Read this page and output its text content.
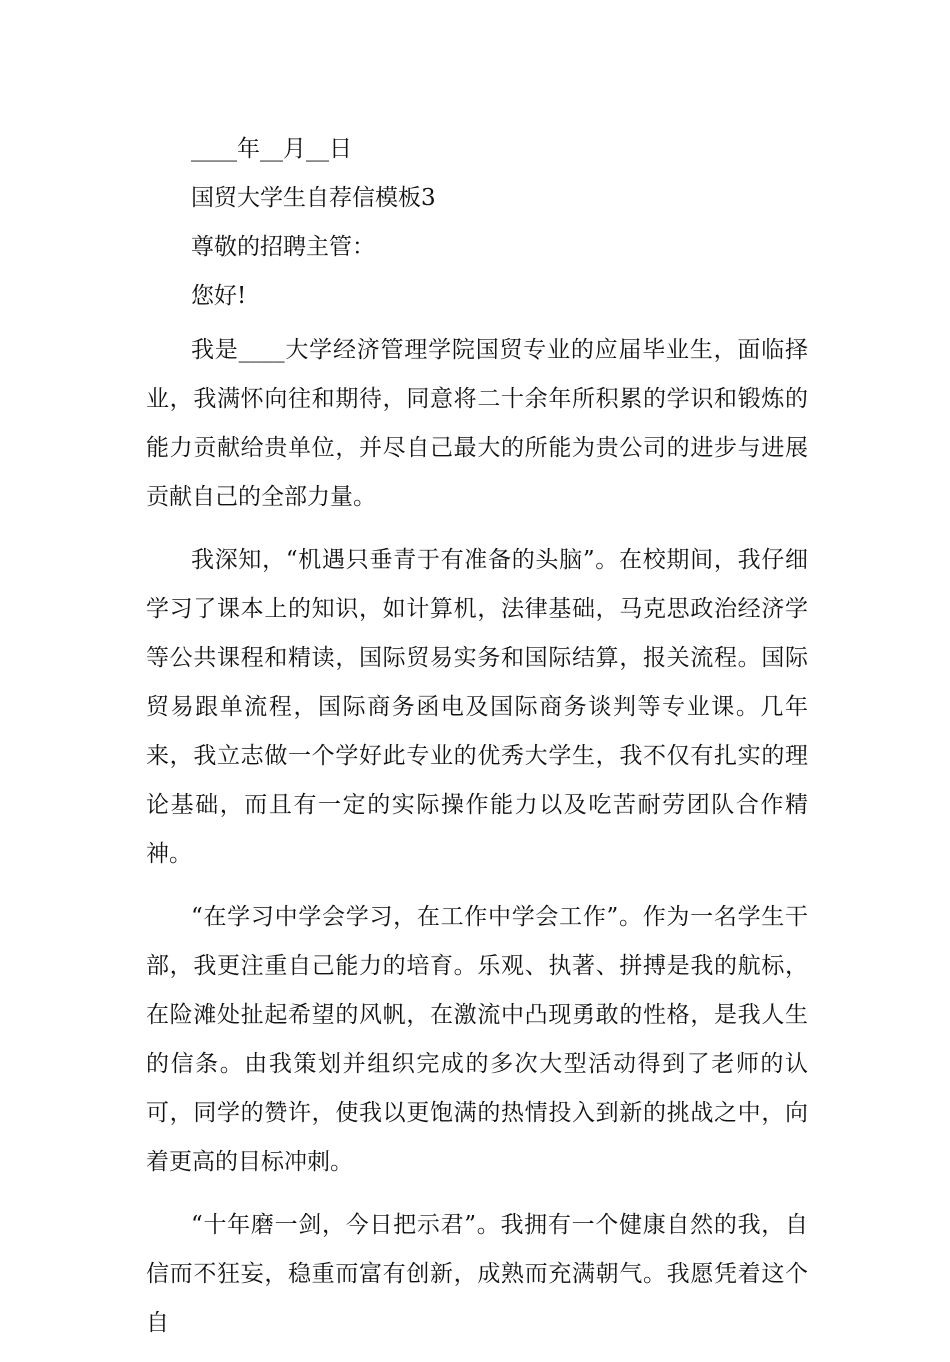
____年__月__日

国贸大学生自荐信模板3

尊敬的招聘主管：

您好!

我是____大学经济管理学院国贸专业的应届毕业生，面临择业，我满怀向往和期待，同意将二十余年所积累的学识和锻炼的能力贡献给贵单位，并尽自己最大的所能为贵公司的进步与进展贡献自己的全部力量。

我深知，“机遇只垂青于有准备的头脑”。在校期间，我仔细学习了课本上的知识，如计算机，法律基础，马克思政治经济学等公共课程和精读，国际贸易实务和国际结算，报关流程。国际贸易跟单流程，国际商务函电及国际商务谈判等专业课。几年来，我立志做一个学好此专业的优秀大学生，我不仅有扎实的理论基础，而且有一定的实际操作能力以及吃苦耐劳团队合作精神。

“在学习中学会学习，在工作中学会工作”。作为一名学生干部，我更注重自己能力的培育。乐观、执著、拼搏是我的航标，在险滩处扯起希望的风帆，在激流中凸现勇敢的性格，是我人生的信条。由我策划并组织完成的多次大型活动得到了老师的认可，同学的赞许，使我以更饱满的热情投入到新的挑战之中，向着更高的目标冲刺。

“十年磨一剑，今日把示君”。我拥有一个健康自然的我，自信而不狂妄，稳重而富有创新，成熟而充满朝气。我愿凭着这个自
